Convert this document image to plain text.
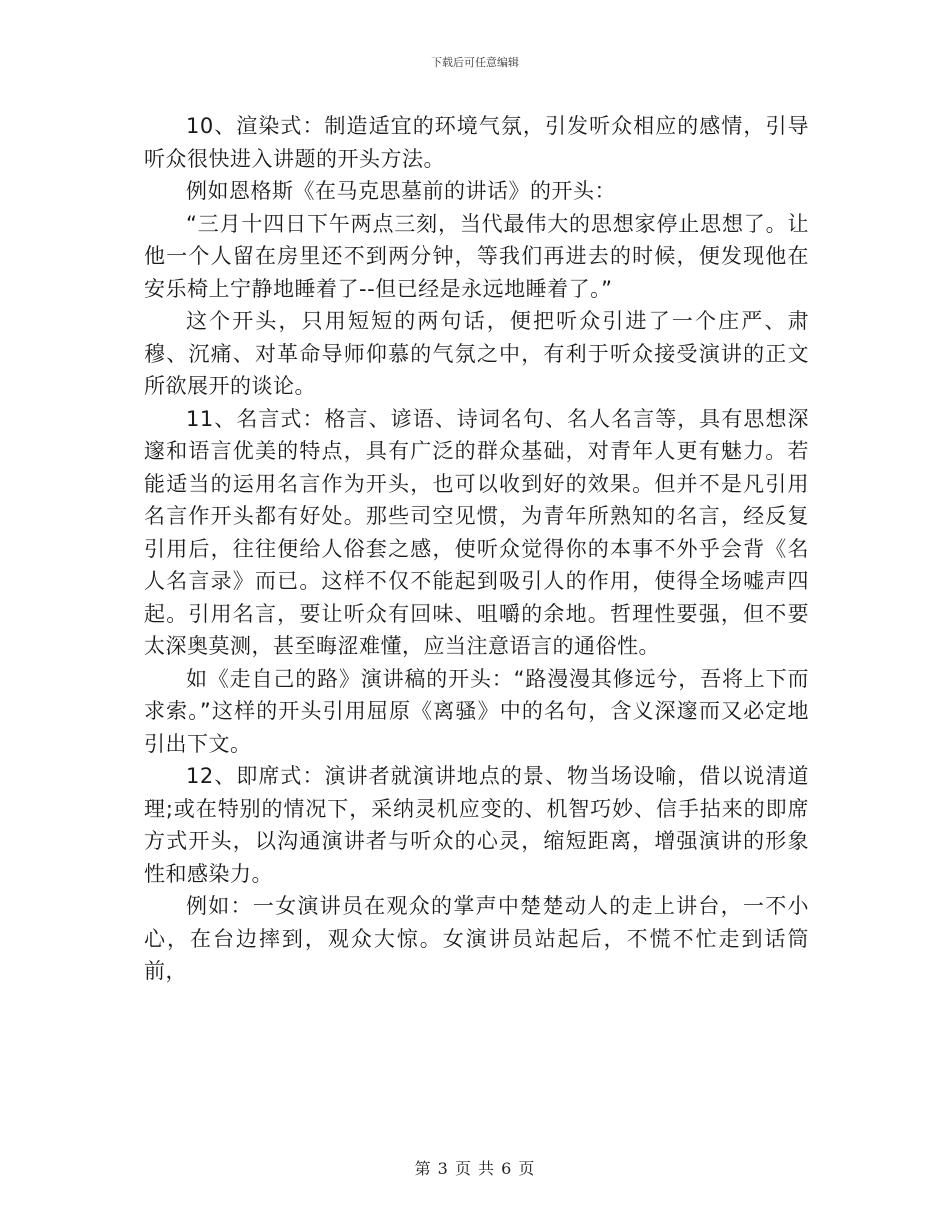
下载后可任意编辑

10、渲染式：制造适宜的环境气氛，引发听众相应的感情，引导听众很快进入讲题的开头方法。

例如恩格斯《在马克思墓前的讲话》的开头：

“三月十四日下午两点三刻，当代最伟大的思想家停止思想了。让他一个人留在房里还不到两分钟，等我们再进去的时候，便发现他在安乐椅上宁静地睡着了--但已经是永远地睡着了。”

这个开头，只用短短的两句话，便把听众引进了一个庄严、肃穆、沉痛、对革命导师仰慕的气氛之中，有利于听众接受演讲的正文所欲展开的谈论。

11、名言式：格言、谚语、诗词名句、名人名言等，具有思想深邃和语言优美的特点，具有广泛的群众基础，对青年人更有魅力。若能适当的运用名言作为开头，也可以收到好的效果。但并不是凡引用名言作开头都有好处。那些司空见惯，为青年所熟知的名言，经反复引用后，往往便给人俗套之感，使听众觉得你的本事不外乎会背《名人名言录》而已。这样不仅不能起到吸引人的作用，使得全场嘘声四起。引用名言，要让听众有回味、咀嚼的余地。哲理性要强，但不要太深奥莫测，甚至晦涩难懂，应当注意语言的通俗性。

如《走自己的路》演讲稿的开头：“路漫漫其修远兮，吾将上下而求索。”这样的开头引用屈原《离骚》中的名句，含义深邃而又必定地引出下文。

12、即席式：演讲者就演讲地点的景、物当场设喻，借以说清道理;或在特别的情况下，采纳灵机应变的、机智巧妙、信手拈来的即席方式开头，以沟通演讲者与听众的心灵，缩短距离，增强演讲的形象性和感染力。

例如：一女演讲员在观众的掌声中楚楚动人的走上讲台，一不小心，在台边摔到，观众大惊。女演讲员站起后，不慌不忙走到话筒前，

第 3 页 共 6 页
